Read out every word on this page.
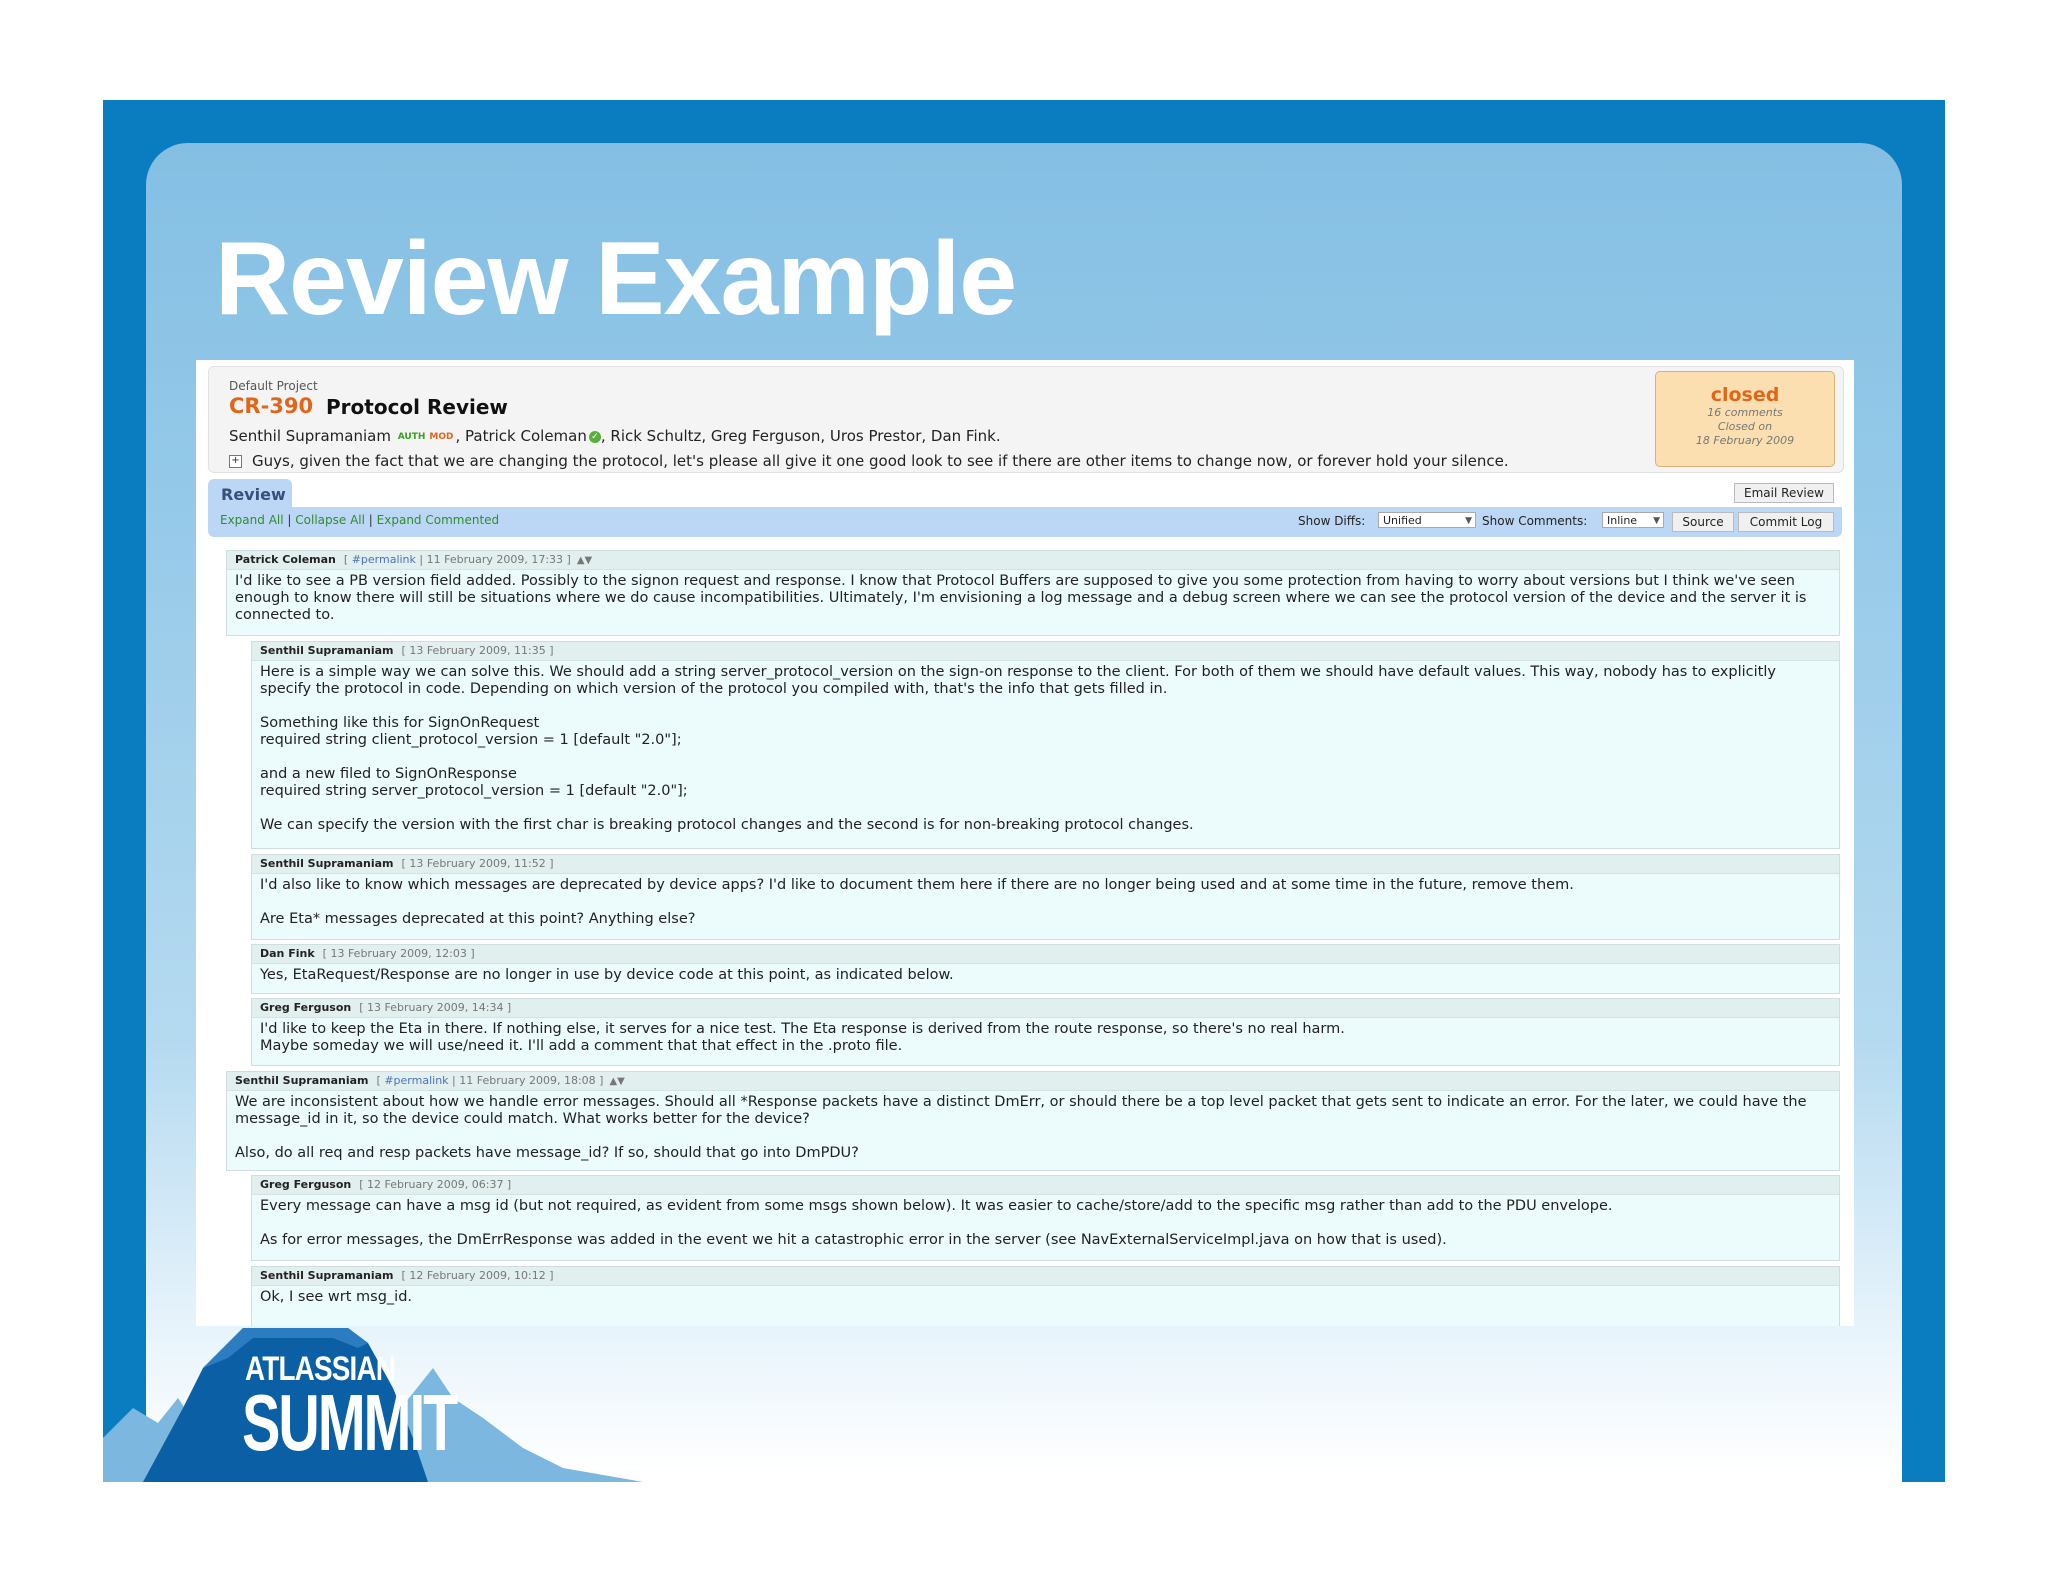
Review Example
Default Project
CR-390 Protocol Review
Senthil Supramaniam AUTH MOD , Patrick Coleman ✓ , Rick Schultz, Greg Ferguson, Uros Prestor, Dan Fink.
+ Guys, given the fact that we are changing the protocol, let's please all give it one good look to see if there are other items to change now, or forever hold your silence.
closed
16 comments
Closed on
18 February 2009
Review	Email Review
Expand All | Collapse All | Expand Commented	Show Diffs:	Unified	▼ Show Comments:	Inline ▼	Source	Commit Log
Patrick Coleman [ #permalink | 11 February 2009, 17:33 ] ▲▼

I'd like to see a PB version field added. Possibly to the signon request and response. I know that Protocol Buffers are supposed to give you some protection from having to worry about versions but I think we've seen enough to know there will still be situations where we do cause incompatibilities. Ultimately, I'm envisioning a log message and a debug screen where we can see the protocol version of the device and the server it is connected to.

Senthil Supramaniam [ 13 February 2009, 11:35 ]

Here is a simple way we can solve this. We should add a string server_protocol_version on the sign-on response to the client. For both of them we should have default values. This way, nobody has to explicitly specify the protocol in code. Depending on which version of the protocol you compiled with, that's the info that gets filled in.

Something like this for SignOnRequest
required string client_protocol_version = 1 [default "2.0"];

and a new filed to SignOnResponse
required string server_protocol_version = 1 [default "2.0"];

We can specify the version with the first char is breaking protocol changes and the second is for non-breaking protocol changes.

Senthil Supramaniam [ 13 February 2009, 11:52 ]

I'd also like to know which messages are deprecated by device apps? I'd like to document them here if there are no longer being used and at some time in the future, remove them.

Are Eta* messages deprecated at this point? Anything else?

Dan Fink [ 13 February 2009, 12:03 ]

Yes, EtaRequest/Response are no longer in use by device code at this point, as indicated below.

Greg Ferguson [ 13 February 2009, 14:34 ]

I'd like to keep the Eta in there. If nothing else, it serves for a nice test. The Eta response is derived from the route response, so there's no real harm.
Maybe someday we will use/need it. I'll add a comment that that effect in the .proto file.

Senthil Supramaniam [ #permalink | 11 February 2009, 18:08 ] ▲▼

We are inconsistent about how we handle error messages. Should all *Response packets have a distinct DmErr, or should there be a top level packet that gets sent to indicate an error. For the later, we could have the message_id in it, so the device could match. What works better for the device?

Also, do all req and resp packets have message_id? If so, should that go into DmPDU?

Greg Ferguson [ 12 February 2009, 06:37 ]

Every message can have a msg id (but not required, as evident from some msgs shown below). It was easier to cache/store/add to the specific msg rather than add to the PDU envelope.

As for error messages, the DmErrResponse was added in the event we hit a catastrophic error in the server (see NavExternalServiceImpl.java on how that is used).

Senthil Supramaniam [ 12 February 2009, 10:12 ]

Ok, I see wrt msg_id.

ATLASSIAN
SUMMIT
